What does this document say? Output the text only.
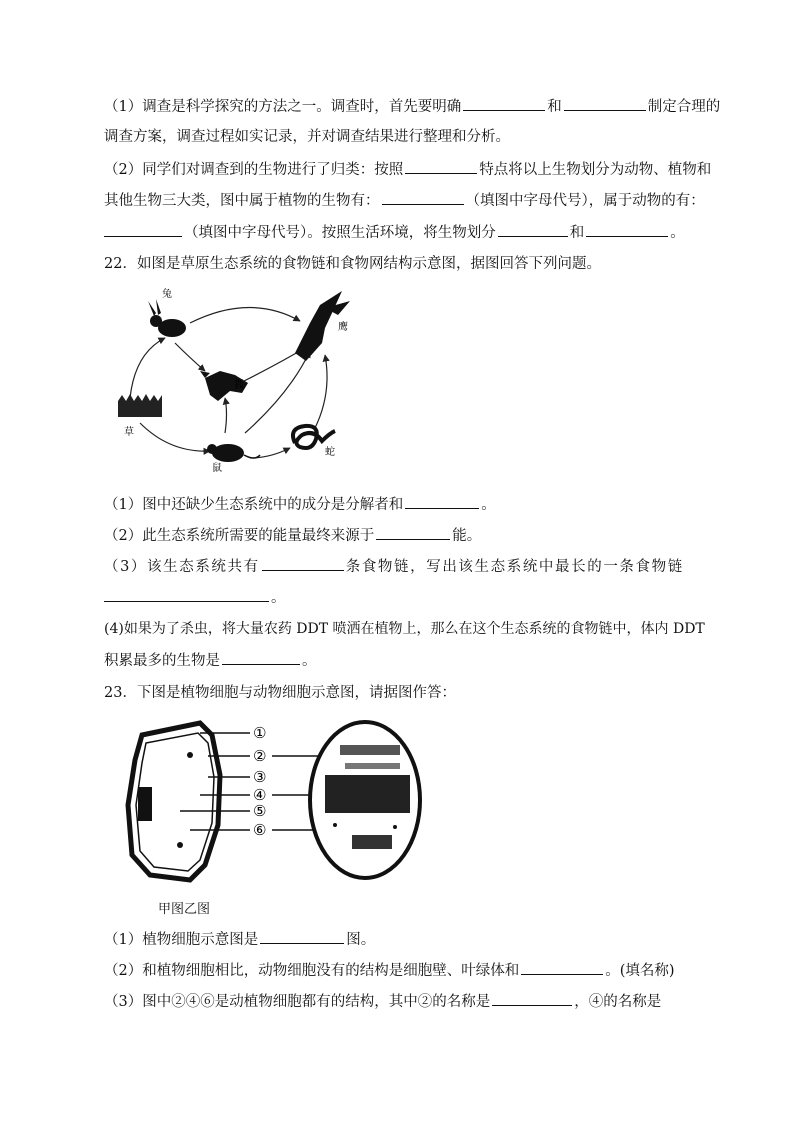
（1）调查是科学探究的方法之一。调查时，首先要明确	和	制定合理的
调查方案，调查过程如实记录，并对调查结果进行整理和分析。
（2）同学们对调查到的生物进行了归类：按照	特点将以上生物划分为动物、植物和
其他生物三大类，图中属于植物的生物有：	（填图中字母代号），属于动物的有：
（填图中字母代号）。按照生活环境，将生物划分	和	。
22．如图是草原生态系统的食物链和食物网结构示意图，据图回答下列问题。
兔
鹰
狐
草
鼠
蛇
（1）图中还缺少生态系统中的成分是分解者和	。
（2）此生态系统所需要的能量最终来源于	能。
（3）该生态系统共有	条食物链，写出该生态系统中最长的一条食物链
。
(4)如果为了杀虫，将大量农药 DDT 喷洒在植物上，那么在这个生态系统的食物链中，体内 DDT
积累最多的生物是	。
23．下图是植物细胞与动物细胞示意图，请据图作答：
①
②
③
④
⑤
⑥
甲图乙图
（1）植物细胞示意图是	图。
（2）和植物细胞相比，动物细胞没有的结构是细胞壁、叶绿体和	。(填名称)
（3）图中②④⑥是动植物细胞都有的结构，其中②的名称是	，④的名称是
